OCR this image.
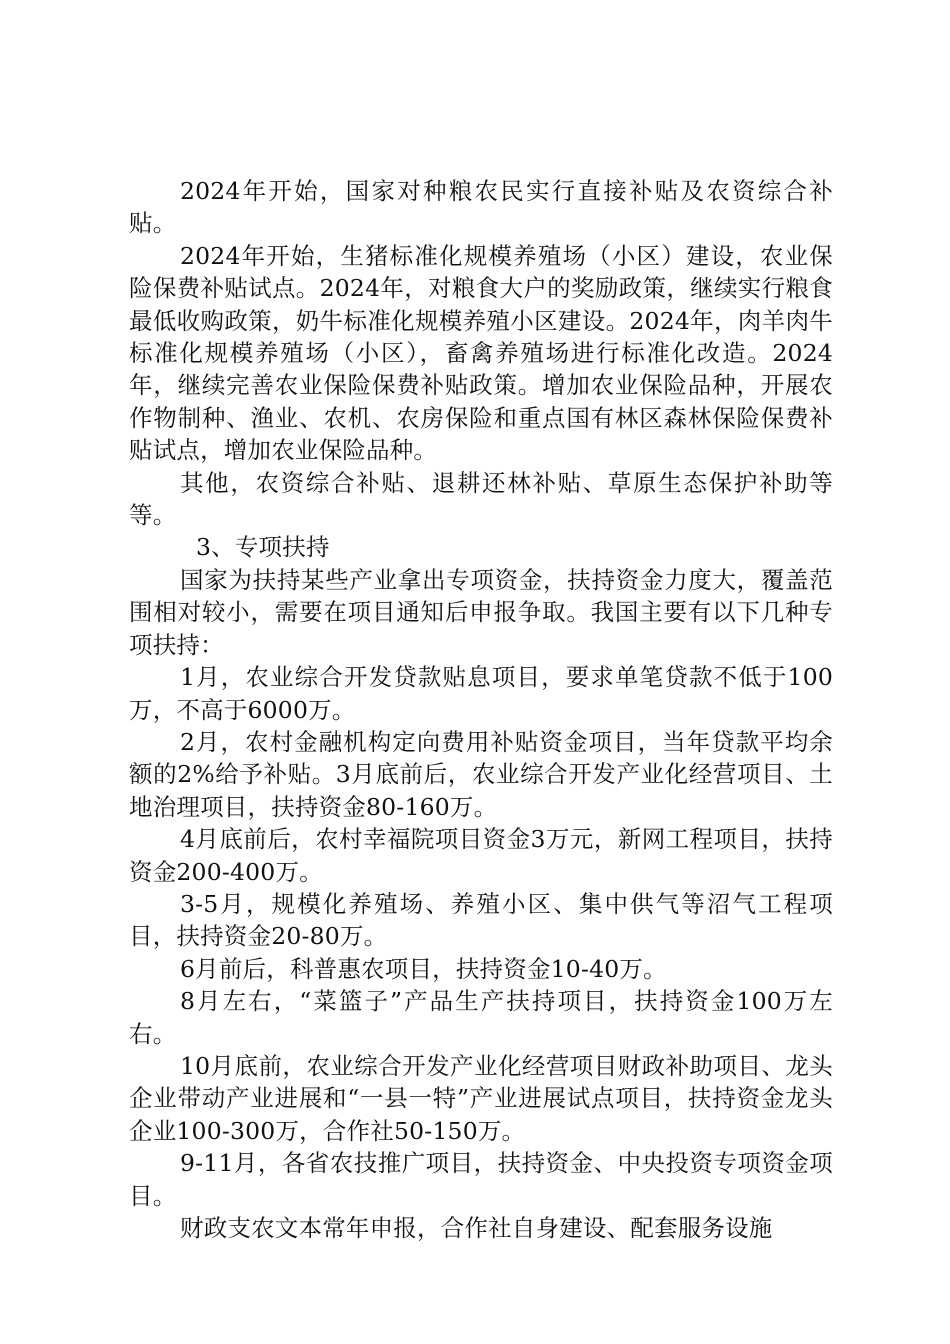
2024年开始，国家对种粮农民实行直接补贴及农资综合补贴。

2024年开始，生猪标准化规模养殖场（小区）建设，农业保险保费补贴试点。2024年，对粮食大户的奖励政策，继续实行粮食最低收购政策，奶牛标准化规模养殖小区建设。2024年，肉羊肉牛标准化规模养殖场（小区），畜禽养殖场进行标准化改造。2024年，继续完善农业保险保费补贴政策。增加农业保险品种，开展农作物制种、渔业、农机、农房保险和重点国有林区森林保险保费补贴试点，增加农业保险品种。

其他，农资综合补贴、退耕还林补贴、草原生态保护补助等等。

3、专项扶持

国家为扶持某些产业拿出专项资金，扶持资金力度大，覆盖范围相对较小，需要在项目通知后申报争取。我国主要有以下几种专项扶持：

1月，农业综合开发贷款贴息项目，要求单笔贷款不低于100万，不高于6000万。

2月，农村金融机构定向费用补贴资金项目，当年贷款平均余额的2%给予补贴。3月底前后，农业综合开发产业化经营项目、土地治理项目，扶持资金80-160万。

4月底前后，农村幸福院项目资金3万元，新网工程项目，扶持资金200-400万。

3-5月，规模化养殖场、养殖小区、集中供气等沼气工程项目，扶持资金20-80万。

6月前后，科普惠农项目，扶持资金10-40万。

8月左右，“菜篮子”产品生产扶持项目，扶持资金100万左右。

10月底前，农业综合开发产业化经营项目财政补助项目、龙头企业带动产业进展和“一县一特”产业进展试点项目，扶持资金龙头企业100-300万，合作社50-150万。

9-11月，各省农技推广项目，扶持资金、中央投资专项资金项目。

财政支农文本常年申报，合作社自身建设、配套服务设施
